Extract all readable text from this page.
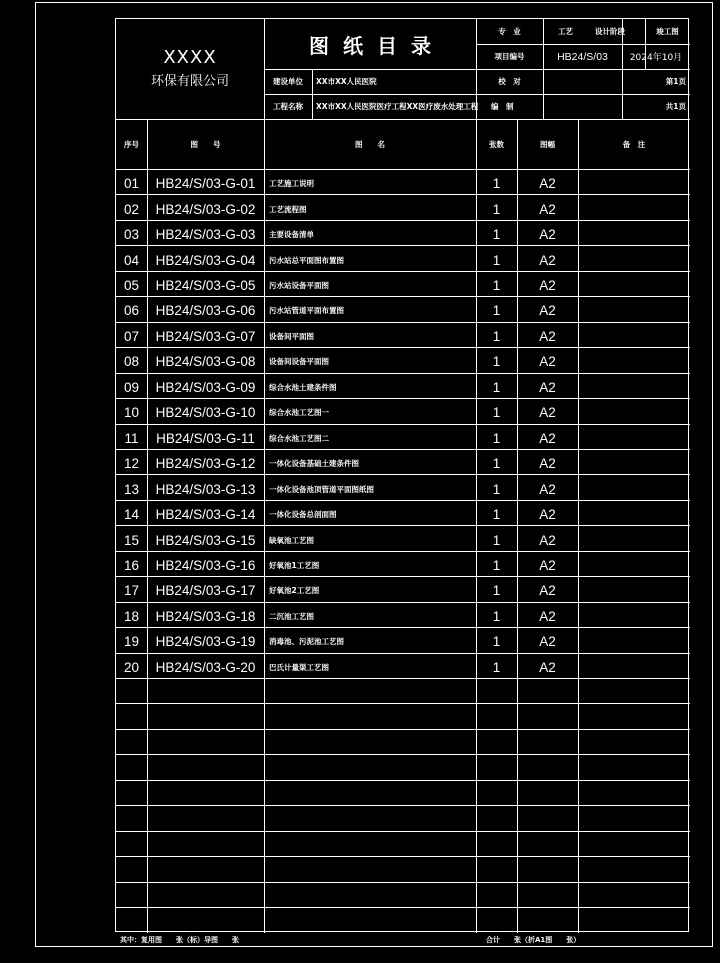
XXXX
环保有限公司
图纸目录
建设单位	XX市XX人民医院
工程名称	XX市XX人民医院医疗工程XX医疗废水处理工程
专　业	工艺	设计阶段	竣工图
项目编号	HB24/S/03	2024年10月
校　对	第1页
编　制	共1页
序号	图　　号	图　　名	张数	图幅	备　注
01	HB24/S/03-G-01	工艺施工说明	1	A2
02	HB24/S/03-G-02	工艺流程图	1	A2
03	HB24/S/03-G-03	主要设备清单	1	A2
04	HB24/S/03-G-04	污水站总平面图布置图	1	A2
05	HB24/S/03-G-05	污水站设备平面图	1	A2
06	HB24/S/03-G-06	污水站管道平面布置图	1	A2
07	HB24/S/03-G-07	设备间平面图	1	A2
08	HB24/S/03-G-08	设备间设备平面图	1	A2
09	HB24/S/03-G-09	综合水池土建条件图	1	A2
10	HB24/S/03-G-10	综合水池工艺图一	1	A2
11	HB24/S/03-G-11	综合水池工艺图二	1	A2
12	HB24/S/03-G-12	一体化设备基础土建条件图	1	A2
13	HB24/S/03-G-13	一体化设备池顶管道平面图纸图	1	A2
14	HB24/S/03-G-14	一体化设备总剖面图	1	A2
15	HB24/S/03-G-15	缺氧池工艺图	1	A2
16	HB24/S/03-G-16	好氧池1工艺图	1	A2
17	HB24/S/03-G-17	好氧池2工艺图	1	A2
18	HB24/S/03-G-18	二沉池工艺图	1	A2
19	HB24/S/03-G-19	消毒池、污泥池工艺图	1	A2
20	HB24/S/03-G-20	巴氏计量渠工艺图	1	A2
其中：复用图　　张（标）导图　　张	合计　　张（折A1图　　张）
